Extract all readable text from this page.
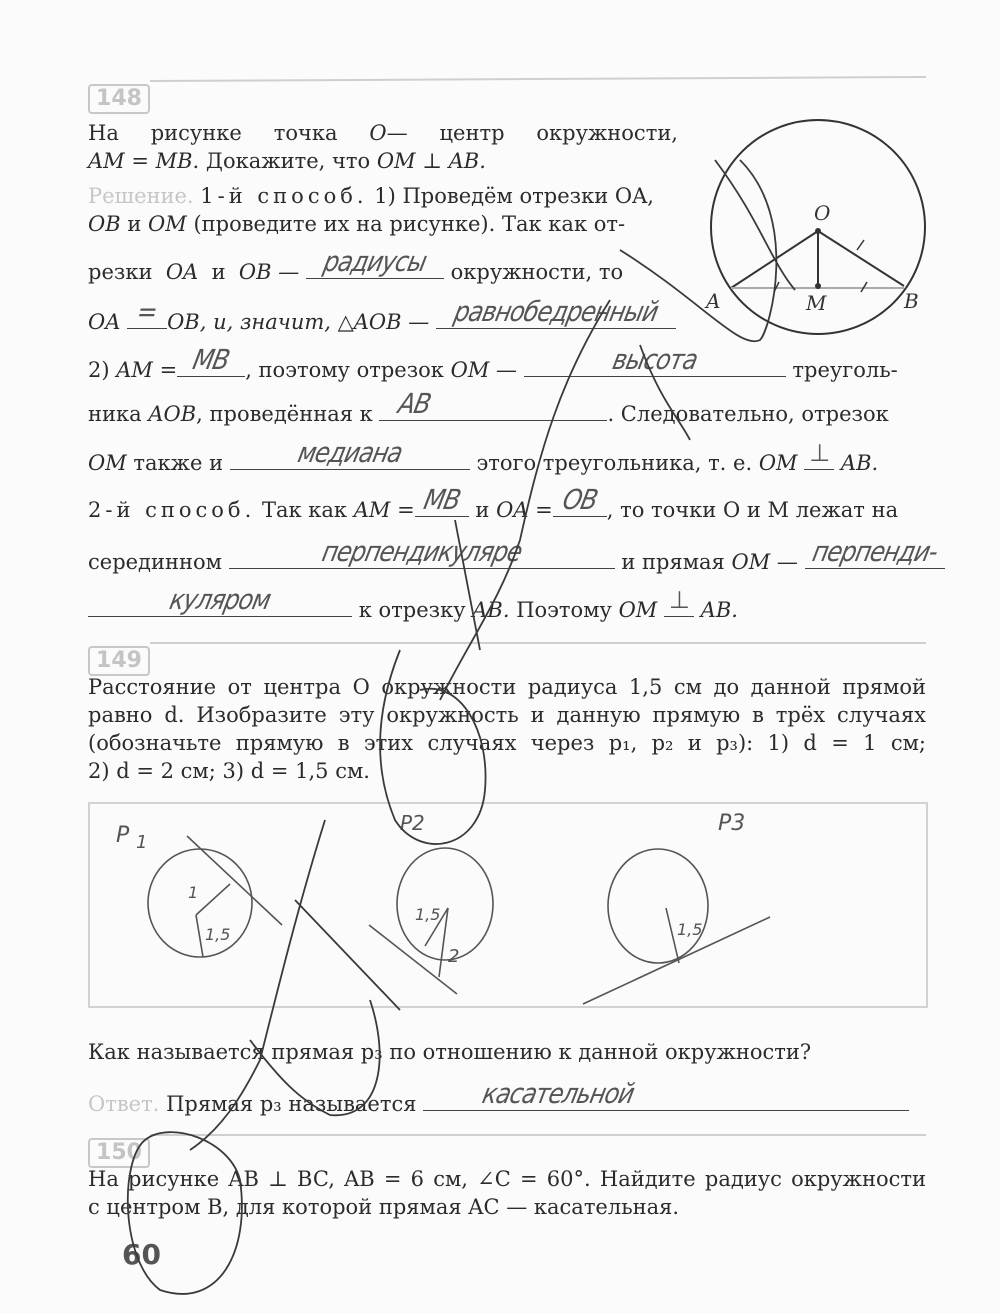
148
На рисунке точка O— центр окружности,
AM = MB. Докажите, что OM ⊥ AB.
Решение. 1-й способ. 1) Проведём отрезки OA,
OB и OM (проведите их на рисунке). Так как от-
резки OA и OB — радиусы	окружности, то
OA = OB, и, значит, △AOB — равнобедренный
2) AM = MB , поэтому отрезок OM —	высота	треуголь-
ника AOB, проведённая к AB	. Следовательно, отрезок
OM также и	медиана	этого треугольника, т. е. OM ⊥ AB.
2-й способ. Так как AM = MB и OA = OB , то точки O и M лежат на
серединном	перпендикуляре	и прямая OM — перпенди-
куляром	к отрезку AB. Поэтому OM ⊥ AB.
149
Расстояние от центра O окружности радиуса 1,5 см до данной прямой
равно d. Изобразите эту окружность и данную прямую в трёх случаях
(обозначьте прямую в этих случаях через p₁, p₂ и p₃): 1) d = 1 см;
2) d = 2 см; 3) d = 1,5 см.
Как называется прямая p₃ по отношению к данной окружности?
Ответ. Прямая p₃ называется	касательной
150
На рисунке AB ⊥ BC, AB = 6 см, ∠C = 60°. Найдите радиус окружности
с центром B, для которой прямая AC — касательная.
60
O
A	M	B
P 1
P2	P3
1
1,5
1,5
2
1,5
